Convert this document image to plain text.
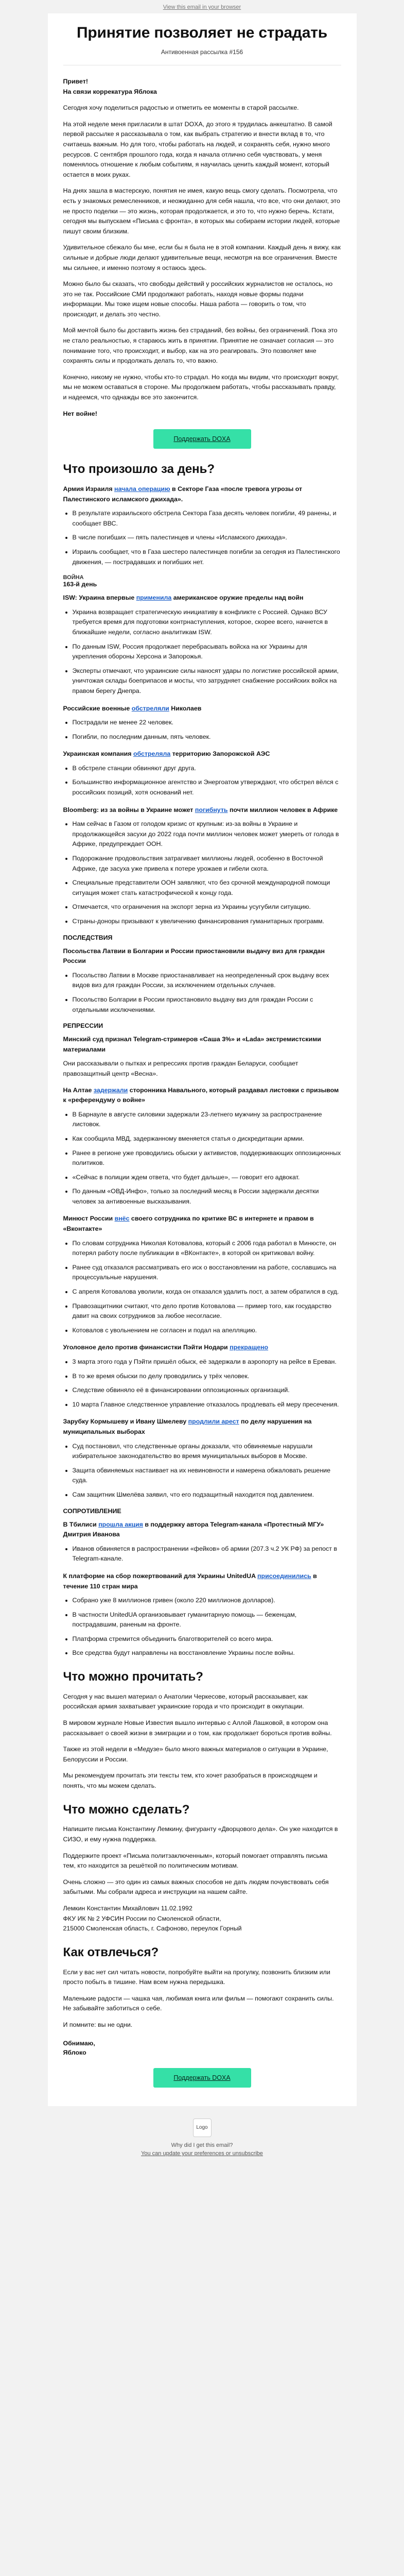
View this email in your browser
Принятие позволяет не страдать
Антивоенная рассылка #156

Привет!

На связи коррекатура Яблока

Сегодня хочу поделиться радостью и отметить ее моменты в старой рассылке.

На этой неделе меня пригласили в штат DOXA, до этого я трудилась анкештатно. В самой первой рассылке я рассказывала о том, как выбрать стратегию и внести вклад в то, что считаешь важным. Но для того, чтобы работать на людей, и сохранять себя, нужно много ресурсов. С сентября прошлого года, когда я начала отлично себя чувствовать, у меня поменялось отношение к любым событиям, я научилась ценить каждый момент, который остается в моих руках.

На днях зашла в мастерскую, понятия не имея, какую вещь смогу сделать. Посмотрела, что есть у знакомых ремесленников, и неожиданно для себя нашла, что все, что они делают, это не просто поделки — это жизнь, которая продолжается, и это то, что нужно беречь. Кстати, сегодня мы выпускаем «Письма с фронта», в которых мы собираем истории людей, которые пишут своим близким.

Удивительное сбежало бы мне, если бы я была не в этой компании. Каждый день я вижу, как сильные и добрые люди делают удивительные вещи, несмотря на все ограничения. Вместе мы сильнее, и именно поэтому я остаюсь здесь.

Можно было бы сказать, что свободы действий у российских журналистов не осталось, но это не так. Российские СМИ продолжают работать, находя новые формы подачи информации. Мы тоже ищем новые способы. Наша работа — говорить о том, что происходит, и делать это честно.

Мой мечтой было бы доставить жизнь без страданий, без войны, без ограничений. Пока это не стало реальностью, я стараюсь жить в принятии. Принятие не означает согласия — это понимание того, что происходит, и выбор, как на это реагировать. Это позволяет мне сохранять силы и продолжать делать то, что важно.

Конечно, никому не нужно, чтобы кто-то страдал. Но когда мы видим, что происходит вокруг, мы не можем оставаться в стороне. Мы продолжаем работать, чтобы рассказывать правду, и надеемся, что однажды все это закончится.

Нет войне!

Поддержать DOXA
Что произошло за день?
Армия Израиля начала операцию в Секторе Газа «после тревога угрозы от Палестинского исламского джихада».
• В результате израильского обстрела Сектора Газа десять человек погибли, 49 ранены, и сообщает ВВС.
• В числе погибших — пять палестинцев и члены «Исламского джихада».
• Израиль сообщает, что в Газа шестеро палестинцев погибли за сегодня из Палестинского движения, — пострадавших и погибших нет.
ВОЙНА
163-й день
ISW: Украина впервые применила американское оружие пределы над войн
• Украина возвращает стратегическую инициативу в конфликте с Россией. Однако ВСУ требуется время для подготовки контрнаступления, которое, скорее всего, начнется в ближайшие недели, согласно аналитикам ISW.
• По данным ISW, Россия продолжает перебрасывать войска на юг Украины для укрепления обороны Херсона и Запорожья.
• Эксперты отмечают, что украинские силы наносят удары по логистике российской армии, уничтожая склады боеприпасов и мосты, что затрудняет снабжение российских войск на правом берегу Днепра.
Российские военные обстреляли Николаев
• Пострадали не менее 22 человек.
• Погибли, по последним данным, пять человек.
Украинская компания обстреляла территорию Запорожской АЭС
• В обстреле станции обвиняют друг друга.
• Большинство информационное агентство и Энергоатом утверждают, что обстрел вёлся с российских позиций, хотя оснований нет.
Bloomberg: из за войны в Украине может погибнуть почти миллион человек в Африке
• Нам сейчас в Газом от голодом кризис от крупным: из-за войны в Украине и продолжающейся засухи до 2022 года почти миллион человек может умереть от голода в Африке, предупреждает ООН.
• Подорожание продовольствия затрагивает миллионы людей, особенно в Восточной Африке, где засуха уже привела к потере урожаев и гибели скота.
• Специальные представители ООН заявляют, что без срочной международной помощи ситуация может стать катастрофической к концу года.
• Отмечается, что ограничения на экспорт зерна из Украины усугубили ситуацию.
• Страны-доноры призывают к увеличению финансирования гуманитарных программ.
ПОСЛЕДСТВИЯ
Посольства Латвии в Болгарии и России приостановили выдачу виз для граждан России
• Посольство Латвии в Москве приостанавливает на неопределенный срок выдачу всех видов виз для граждан России, за исключением отдельных случаев.
• Посольство Болгарии в России приостановило выдачу виз для граждан России с отдельными исключениями.
РЕПРЕССИИ
Минский суд признал Telegram-стримеров «Саша 3%» и «Lada» экстремистскими материалами

Они рассказывали о пытках и репрессиях против граждан Беларуси, сообщает правозащитный центр «Весна».

На Алтае задержали сторонника Навального, который раздавал листовки с призывом к «референдуму о войне»
• В Барнауле в августе силовики задержали 23-летнего мужчину за распространение листовок.
• Как сообщила МВД, задержанному вменяется статья о дискредитации армии.
• Ранее в регионе уже проводились обыски у активистов, поддерживающих оппозиционных политиков.
• «Сейчас в полиции ждем ответа, что будет дальше», — говорит его адвокат.
• По данным «ОВД-Инфо», только за последний месяц в России задержали десятки человек за антивоенные высказывания.
Минюст России внёс своего сотрудника по критике ВС в интернете и правом в «Вконтакте»
• По словам сотрудника Николая Котовалова, который с 2006 года работал в Минюсте, он потерял работу после публикации в «ВКонтакте», в которой он критиковал войну.
• Ранее суд отказался рассматривать его иск о восстановлении на работе, сославшись на процессуальные нарушения.
• С апреля Котовалова уволили, когда он отказался удалить пост, а затем обратился в суд.
• Правозащитники считают, что дело против Котовалова — пример того, как государство давит на своих сотрудников за любое несогласие.
• Котовалов с увольнением не согласен и подал на апелляцию.
Уголовное дело против финансистки Пэйти Нодари прекращено
• 3 марта этого года у Пэйти пришёл обыск, её задержали в аэропорту на рейсе в Ереван.
• В то же время обыски по делу проводились у трёх человек.
• Следствие обвиняло её в финансировании оппозиционных организаций.
• 10 марта Главное следственное управление отказалось продлевать ей меру пресечения.
Зарубку Кормышеву и Ивану Шмелеву продлили арест по делу нарушения на муниципальных выборах
• Суд постановил, что следственные органы доказали, что обвиняемые нарушали избирательное законодательство во время муниципальных выборов в Москве.
• Защита обвиняемых настаивает на их невиновности и намерена обжаловать решение суда.
• Сам защитник Шмелёва заявил, что его подзащитный находится под давлением.
СОПРОТИВЛЕНИЕ
В Тбилиси прошла акция в поддержку автора Telegram-канала «Протестный МГУ» Дмитрия Иванова
• Иванов обвиняется в распространении «фейков» об армии (207.3 ч.2 УК РФ) за репост в Telegram-канале.
К платформе на сбор пожертвований для Украины UnitedUA присоединились в течение 110 стран мира
• Собрано уже 8 миллионов гривен (около 220 миллионов долларов).
• В частности UnitedUA организовывает гуманитарную помощь — беженцам, пострадавшим, раненым на фронте.
• Платформа стремится объединить благотворителей со всего мира.
• Все средства будут направлены на восстановление Украины после войны.
Что можно прочитать?

Сегодня у нас вышел материал о Анатолии Черкесове, который рассказывает, как российская армия захватывает украинские города и что происходит в оккупации.

В мировом журнале Новые Известия вышло интервью с Аллой Лашковой, в котором она рассказывает о своей жизни в эмиграции и о том, как продолжает бороться против войны.

Также из этой недели в «Медузе» было много важных материалов о ситуации в Украине, Белоруссии и России.

Мы рекомендуем прочитать эти тексты тем, кто хочет разобраться в происходящем и понять, что мы можем сделать.

Что можно сделать?

Напишите письма Константину Лемкину, фигуранту «Дворцового дела». Он уже находится в СИЗО, и ему нужна поддержка.

Поддержите проект «Письма политзаключенным», который помогает отправлять письма тем, кто находится за решёткой по политическим мотивам.

Очень сложно — это один из самых важных способов не дать людям почувствовать себя забытыми. Мы собрали адреса и инструкции на нашем сайте.

Лемкин Константин Михайлович 11.02.1992
ФКУ ИК № 2 УФСИН России по Смоленской области,
215000 Смоленская область, г. Сафоново, переулок Горный

Как отвлечься?

Если у вас нет сил читать новости, попробуйте выйти на прогулку, позвонить близким или просто побыть в тишине. Нам всем нужна передышка.

Маленькие радости — чашка чая, любимая книга или фильм — помогают сохранить силы. Не забывайте заботиться о себе.

И помните: вы не одни.

Обнимаю,
Яблоко
Поддержать DOXA
Logo
Why did I get this email?
You can update your preferences or unsubscribe
